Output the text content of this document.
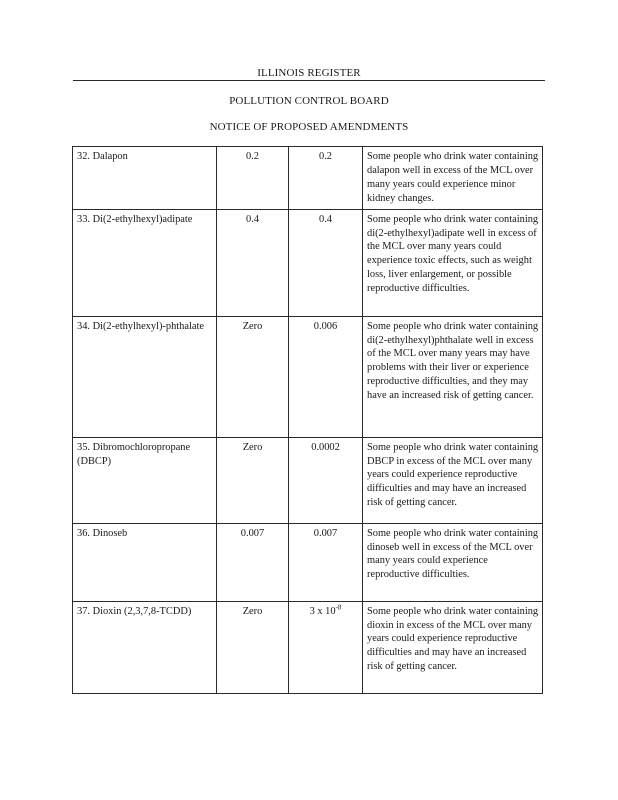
ILLINOIS REGISTER
POLLUTION CONTROL BOARD
NOTICE OF PROPOSED AMENDMENTS
32. Dalapon	0.2	0.2	Some people who drink water containing dalapon well in excess of the MCL over many years could experience minor kidney changes.
33. Di(2-ethylhexyl)adipate	0.4	0.4	Some people who drink water containing di(2-ethylhexyl)adipate well in excess of the MCL over many years could experience toxic effects, such as weight loss, liver enlargement, or possible reproductive difficulties.
34. Di(2-ethylhexyl)-phthalate	Zero	0.006	Some people who drink water containing di(2-ethylhexyl)phthalate well in excess of the MCL over many years may have problems with their liver or experience reproductive difficulties, and they may have an increased risk of getting cancer.
35. Dibromochloropropane (DBCP)	Zero	0.0002	Some people who drink water containing DBCP in excess of the MCL over many years could experience reproductive difficulties and may have an increased risk of getting cancer.
36. Dinoseb	0.007	0.007	Some people who drink water containing dinoseb well in excess of the MCL over many years could experience reproductive difficulties.
37. Dioxin (2,3,7,8-TCDD)	Zero	3 x $10^{-8}$	Some people who drink water containing dioxin in excess of the MCL over many years could experience reproductive difficulties and may have an increased risk of getting cancer.
